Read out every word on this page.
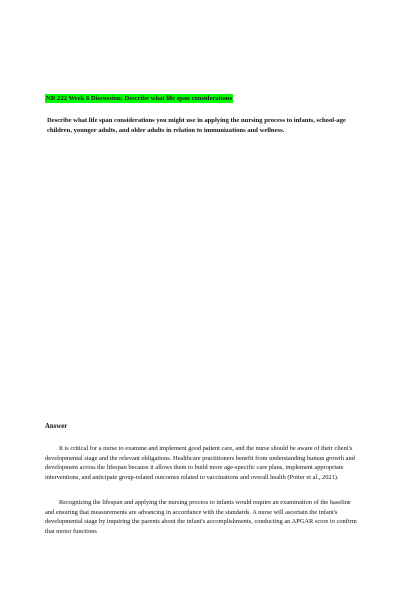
NR 222 Week 6 Discussion: Describe what life span considerations
Describe what life span considerations you might use in applying the nursing process to infants, school-age children, younger adults, and older adults in relation to immunizations and wellness.
Answer

It is critical for a nurse to examine and implement good patient care, and the nurse should be aware of their client's developmental stage and the relevant obligations. Healthcare practitioners benefit from understanding human growth and development across the lifespan because it allows them to build more age-specific care plans, implement appropriate interventions, and anticipate group-related outcomes related to vaccinations and overall health (Potter et al., 2021).

Recognizing the lifespan and applying the nursing process to infants would require an examination of the baseline and ensuring that measurements are advancing in accordance with the standards. A nurse will ascertain the infant's developmental stage by inquiring the parents about the infant's accomplishments, conducting an APGAR score to confirm that motor functions
